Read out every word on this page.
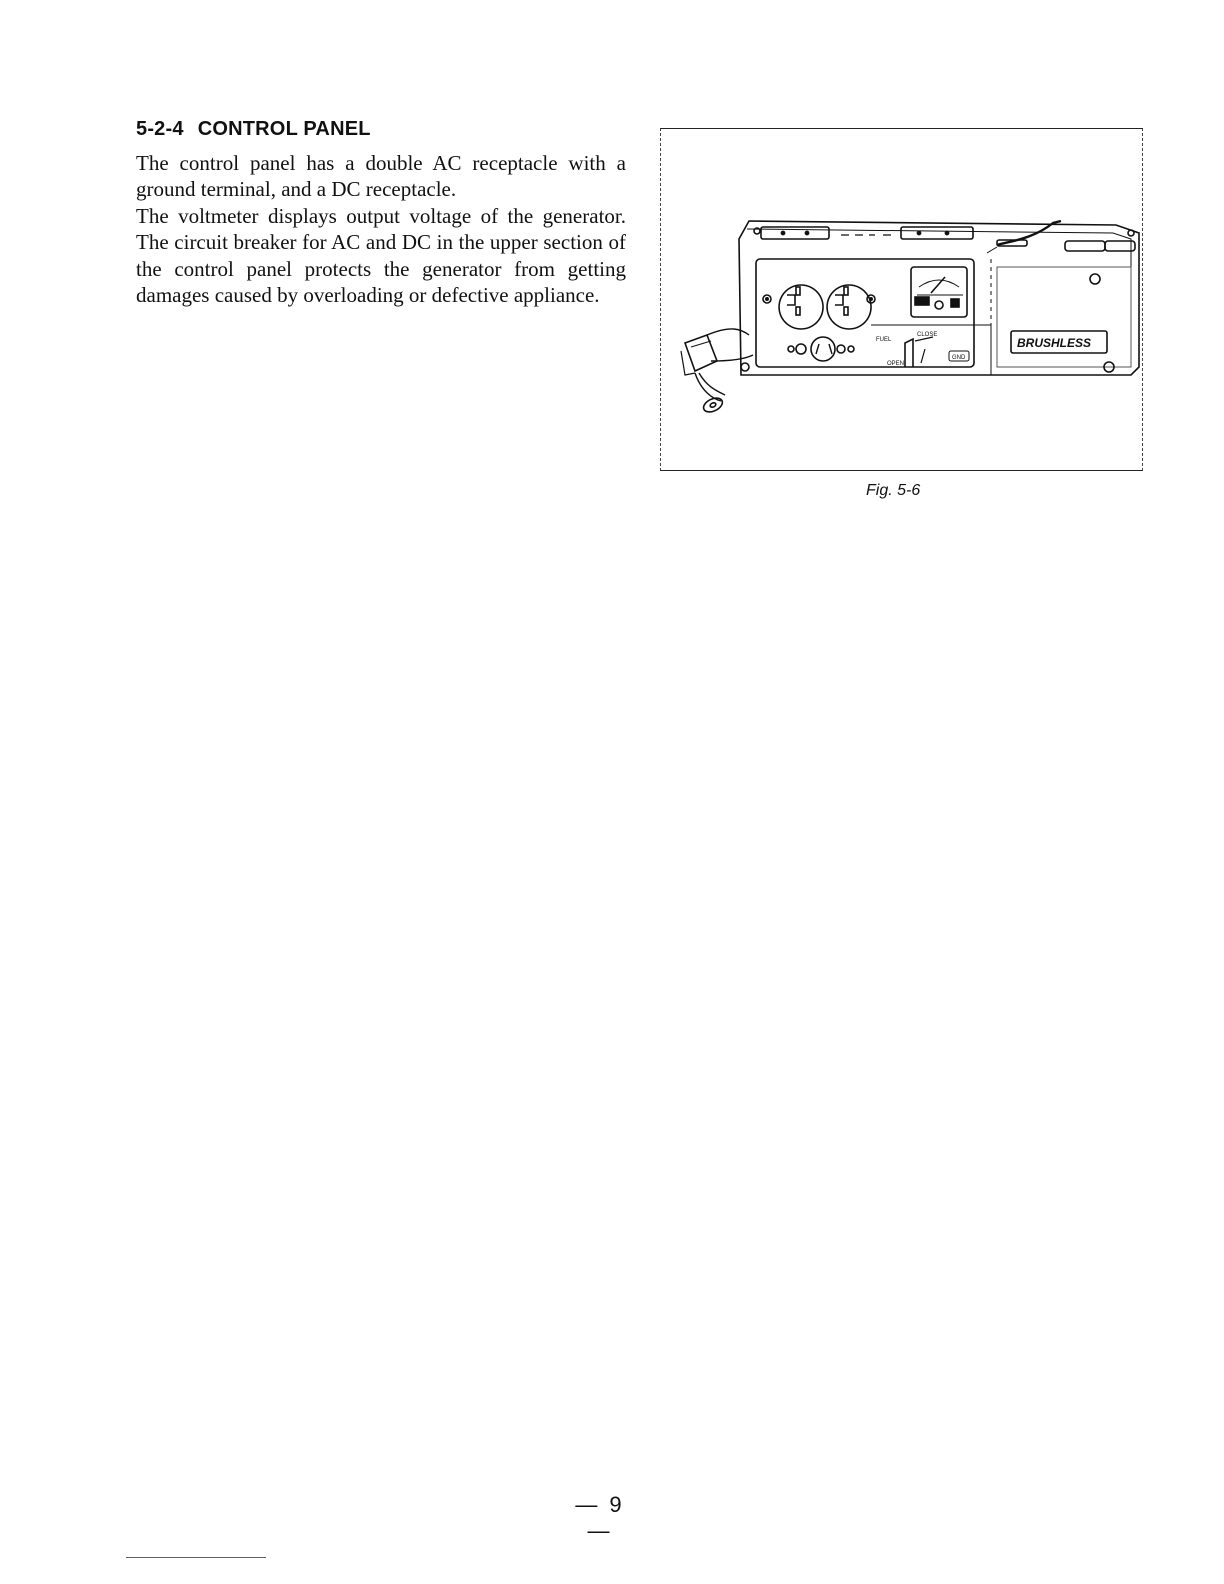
5-2-4 CONTROL PANEL

The control panel has a double AC receptacle with a ground terminal, and a DC receptacle.

The voltmeter displays output voltage of the generator. The circuit breaker for AC and DC in the upper section of the control panel protects the generator from getting damages caused by overloading or defective appliance.

FUEL
CLOSE
OPEN
GND
BRUSHLESS
Fig. 5-6
— 9 —
